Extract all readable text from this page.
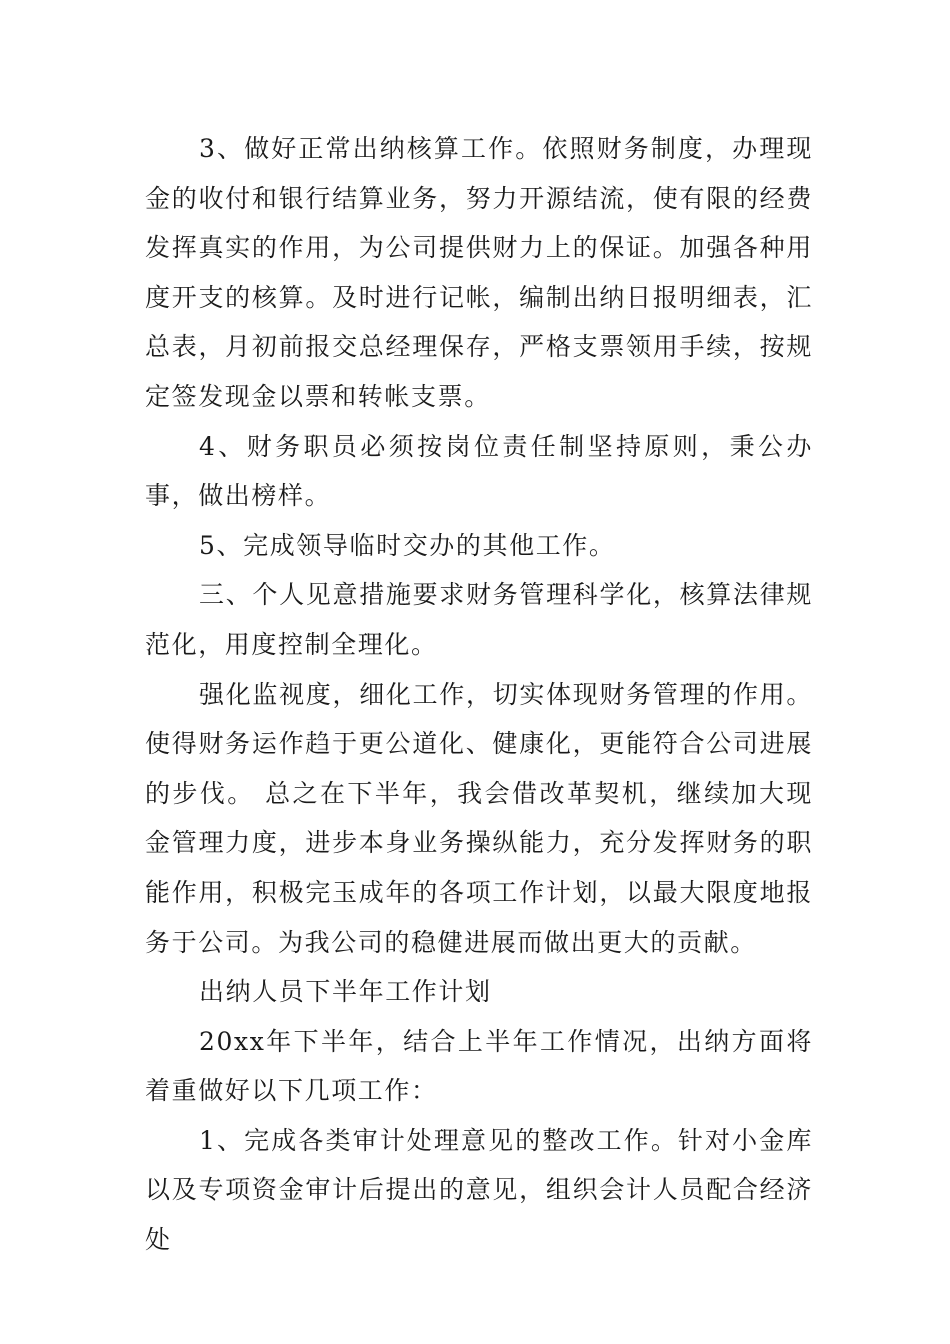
3、做好正常出纳核算工作。依照财务制度，办理现金的收付和银行结算业务，努力开源结流，使有限的经费发挥真实的作用，为公司提供财力上的保证。加强各种用度开支的核算。及时进行记帐，编制出纳日报明细表，汇总表，月初前报交总经理保存，严格支票领用手续，按规定签发现金以票和转帐支票。

4、财务职员必须按岗位责任制坚持原则，秉公办事，做出榜样。

5、完成领导临时交办的其他工作。

三、个人见意措施要求财务管理科学化，核算法律规范化，用度控制全理化。

强化监视度，细化工作，切实体现财务管理的作用。使得财务运作趋于更公道化、健康化，更能符合公司进展的步伐。 总之在下半年，我会借改革契机，继续加大现金管理力度，进步本身业务操纵能力，充分发挥财务的职能作用，积极完玉成年的各项工作计划，以最大限度地报务于公司。为我公司的稳健进展而做出更大的贡献。

出纳人员下半年工作计划

20xx年下半年，结合上半年工作情况，出纳方面将着重做好以下几项工作：

1、完成各类审计处理意见的整改工作。针对小金库以及专项资金审计后提出的意见，组织会计人员配合经济处
